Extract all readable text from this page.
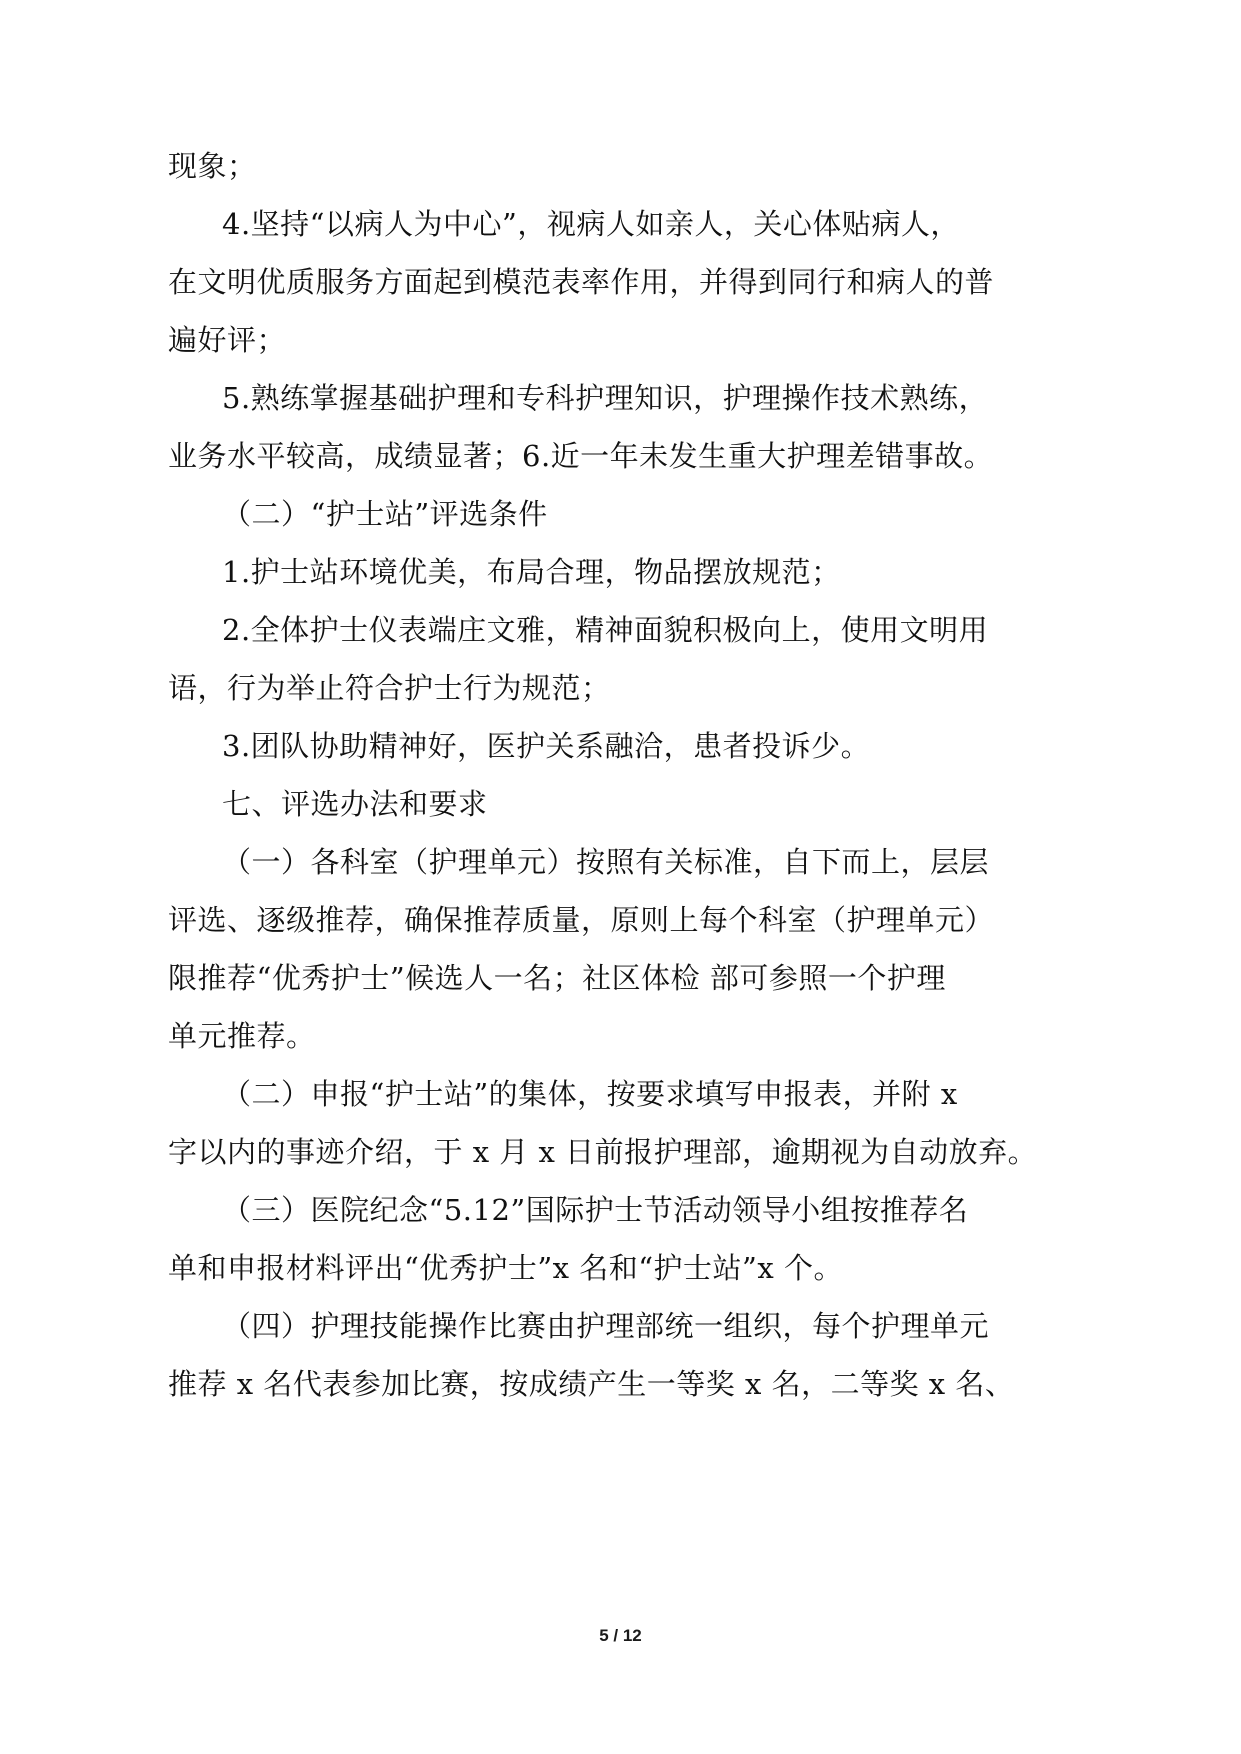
现象；
4.坚持“以病人为中心”，视病人如亲人，关心体贴病人，
在文明优质服务方面起到模范表率作用，并得到同行和病人的普
遍好评；
5.熟练掌握基础护理和专科护理知识，护理操作技术熟练，
业务水平较高，成绩显著；6.近一年未发生重大护理差错事故。
（二）“护士站”评选条件
1.护士站环境优美，布局合理，物品摆放规范；
2.全体护士仪表端庄文雅，精神面貌积极向上，使用文明用
语，行为举止符合护士行为规范；
3.团队协助精神好，医护关系融洽，患者投诉少。
七、评选办法和要求
（一）各科室（护理单元）按照有关标准，自下而上，层层
评选、逐级推荐，确保推荐质量，原则上每个科室（护理单元）
限推荐“优秀护士”候选人一名；社区体检 部可参照一个护理
单元推荐。
（二）申报“护士站”的集体，按要求填写申报表，并附 x
字以内的事迹介绍，于 x 月 x 日前报护理部，逾期视为自动放弃。
（三）医院纪念“5.12”国际护士节活动领导小组按推荐名
单和申报材料评出“优秀护士”x 名和“护士站”x 个。
（四）护理技能操作比赛由护理部统一组织，每个护理单元
推荐 x 名代表参加比赛，按成绩产生一等奖 x 名，二等奖 x 名、
5 / 12
